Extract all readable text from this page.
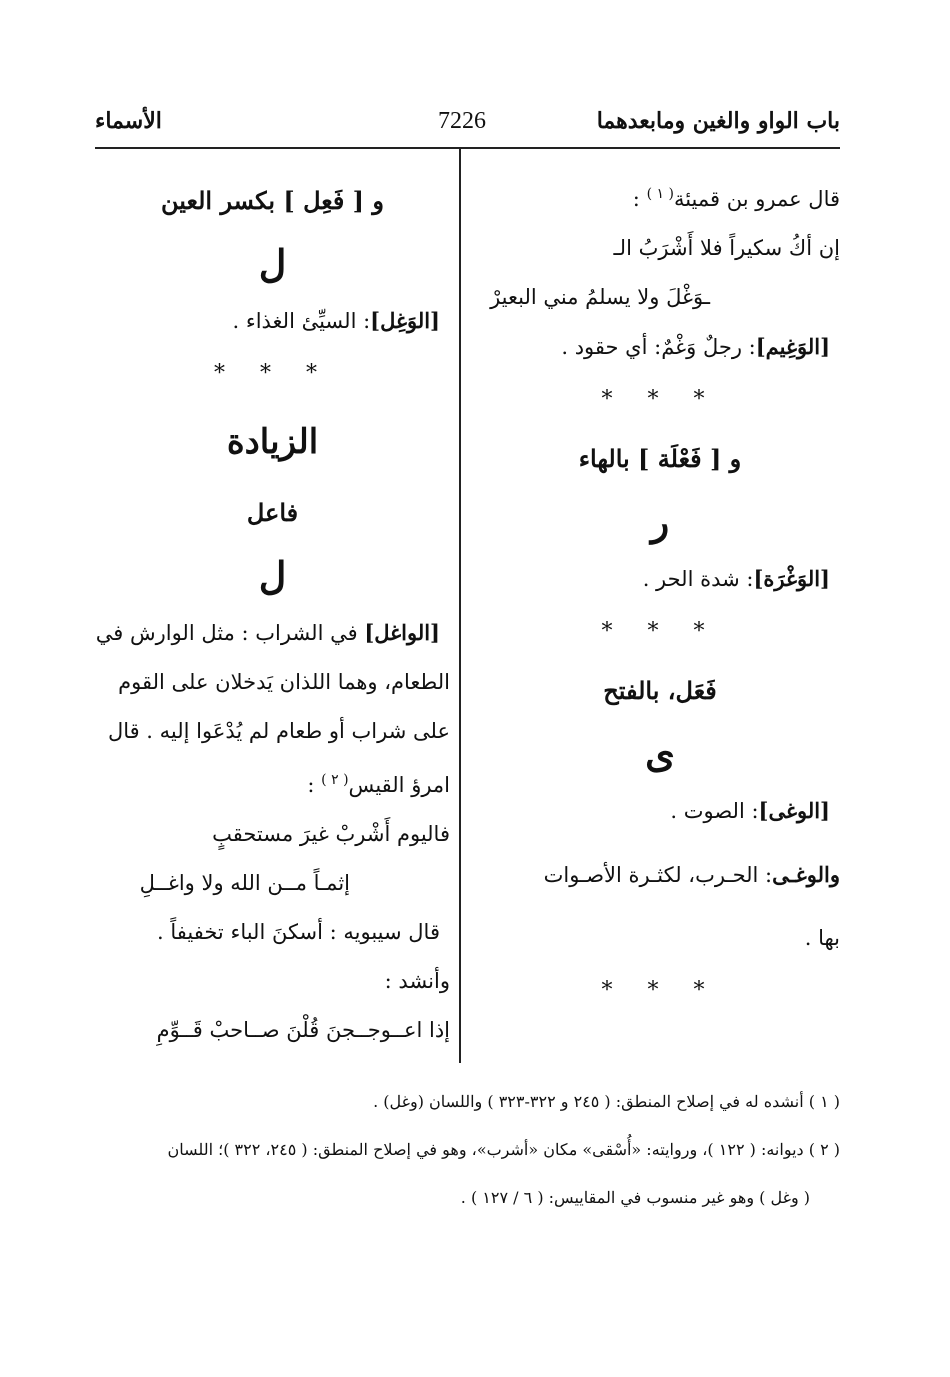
باب الواو والغين ومابعدهما
7226
الأسماء
قال عمرو بن قميئة$^{( ١ )}$ :
إن أكُ سكيراً فلا أَشْرَبُ الـ
ـوَغْلَ ولا يسلمُ مني البعيرْ
[الوَغِيم]: رجلٌ وَغْمٌ: أي حقود .
* * *
و [ فَعْلَة ] بالهاء
ر
[الوَغْرَة]: شدة الحر .
* * *
فَعَل، بالفتح
ى
[الوغى]: الصوت .
والوغـى: الحـرب، لكثـرة الأصـوات
بها .
* * *
و [ فَعِل ] بكسر العين
ل
[الوَغِل]: السيِّئ الغذاء .
* * *
الزيادة
فاعل
ل
[الواغل] في الشراب : مثل الوارش في
الطعام، وهما اللذان يَدخلان على القوم
على شراب أو طعام لم يُدْعَوا إليه . قال
امرؤ القيس$^{( ٢ )}$ :
فاليوم أَشْربْ غيرَ مستحقبٍ
إثمـاً مــن الله ولا واغــلِ
قال سيبويه : أسكنَ الباء تخفيفاً .
وأنشد :
إذا اعــوجــجنَ قُلْنَ صــاحبْ قَــوِّمِ
( ١ ) أنشده له في إصلاح المنطق: ( ٢٤٥ و ٣٢٢-٣٢٣ ) واللسان (وغل) .
( ٢ ) ديوانه: ( ١٢٢ )، وروايته: «أُسْقى» مكان «أشرب»، وهو في إصلاح المنطق: ( ٢٤٥، ٣٢٢ )؛ اللسان
( وغل ) وهو غير منسوب في المقاييس: ( ٦ / ١٢٧ ) .
